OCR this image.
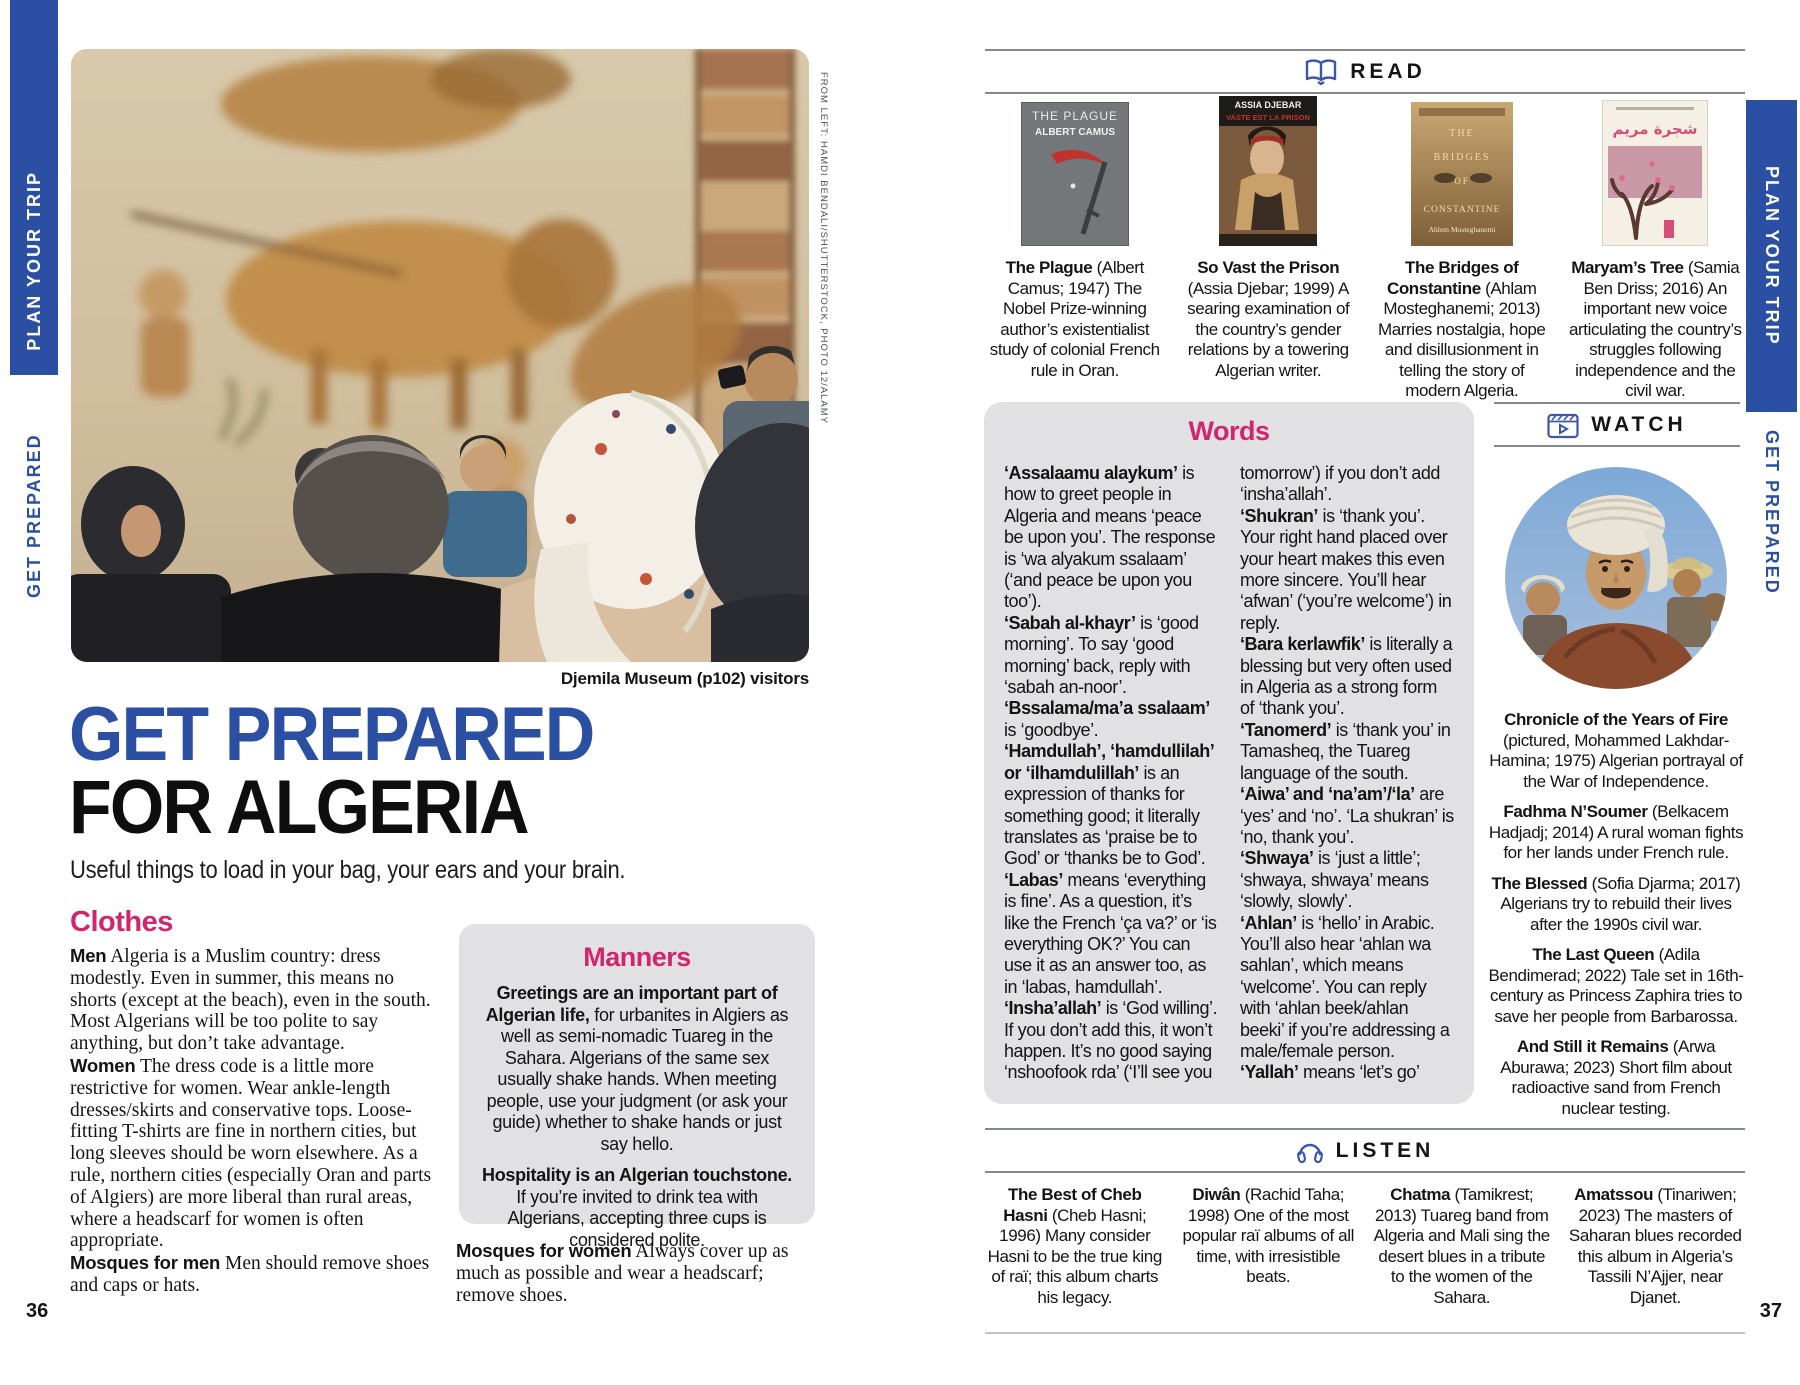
PLAN YOUR TRIP
GET PREPARED
PLAN YOUR TRIP
GET PREPARED
FROM LEFT: HAMDI BENDALI/SHUTTERSTOCK, PHOTO 12/ALAMY
Djemila Museum (p102) visitors
GET PREPARED
FOR ALGERIA
Useful things to load in your bag, your ears and your brain.
Clothes

Men Algeria is a Muslim country: dress modestly. Even in summer, this means no shorts (except at the beach), even in the south. Most Algerians will be too polite to say anything, but don’t take advantage.

Women The dress code is a little more restrictive for women. Wear ankle-length dresses/skirts and conservative tops. Loose-fitting T-shirts are fine in northern cities, but long sleeves should be worn elsewhere. As a rule, northern cities (especially Oran and parts of Algiers) are more liberal than rural areas, where a headscarf for women is often appropriate.

Mosques for men Men should remove shoes and caps or hats.

Manners

Greetings are an important part of Algerian life, for urbanites in Algiers as well as semi-nomadic Tuareg in the Sahara. Algerians of the same sex usually shake hands. When meeting people, use your judgment (or ask your guide) whether to shake hands or just say hello.

Hospitality is an Algerian touchstone. If you’re invited to drink tea with Algerians, accepting three cups is considered polite.

Mosques for women Always cover up as much as possible and wear a headscarf; remove shoes.

36
READ
THE PLAGUE
ALBERT CAMUS

The Plague (Albert Camus; 1947) The Nobel Prize-winning author’s existentialist study of colonial French rule in Oran.

ASSIA DJEBAR
VASTE EST LA PRISON

So Vast the Prison (Assia Djebar; 1999) A searing examination of the country’s gender relations by a towering Algerian writer.

THE
BRIDGES
OF
CONSTANTINE
Ahlem Mosteghanemi

The Bridges of Constantine (Ahlam Mosteghanemi; 2013) Marries nostalgia, hope and disillusionment in telling the story of modern Algeria.

شجرة مريم

Maryam’s Tree (Samia Ben Driss; 2016) An important new voice articulating the country’s struggles following independence and the civil war.

Words

‘Assalaamu alaykum’ is how to greet people in Algeria and means ‘peace be upon you’. The response is ‘wa alyakum ssalaam’ (‘and peace be upon you too’).

‘Sabah al-khayr’ is ‘good morning’. To say ‘good morning’ back, reply with ‘sabah an-noor’.

‘Bssalama/ma’a ssalaam’ is ‘goodbye’.

‘Hamdullah’, ‘hamdullilah’ or ‘ilhamdulillah’ is an expression of thanks for something good; it literally translates as ‘praise be to God’ or ‘thanks be to God’.

‘Labas’ means ‘everything is fine’. As a question, it’s like the French ‘ça va?’ or ‘is everything OK?’ You can use it as an answer too, as in ‘labas, hamdullah’.

‘Insha’allah’ is ‘God willing’. If you don’t add this, it won’t happen. It’s no good saying ‘nshoofook rda’ (‘I’ll see you

tomorrow’) if you don’t add ‘insha’allah’.

‘Shukran’ is ‘thank you’. Your right hand placed over your heart makes this even more sincere. You’ll hear ‘afwan’ (‘you’re welcome’) in reply.

‘Bara kerlawfik’ is literally a blessing but very often used in Algeria as a strong form of ‘thank you’.

‘Tanomerd’ is ‘thank you’ in Tamasheq, the Tuareg language of the south.

‘Aiwa’ and ‘na’am’/‘la’ are ‘yes’ and ‘no’. ‘La shukran’ is ‘no, thank you’.

‘Shwaya’ is ‘just a little’; ‘shwaya, shwaya’ means ‘slowly, slowly’.

‘Ahlan’ is ‘hello’ in Arabic. You’ll also hear ‘ahlan wa sahlan’, which means ‘welcome’. You can reply with ‘ahlan beek/ahlan beeki’ if you’re addressing a male/female person.

‘Yallah’ means ‘let’s go’

WATCH

Chronicle of the Years of Fire (pictured, Mohammed Lakhdar-Hamina; 1975) Algerian portrayal of the War of Independence.

Fadhma N’Soumer (Belkacem Hadjadj; 2014) A rural woman fights for her lands under French rule.

The Blessed (Sofia Djarma; 2017) Algerians try to rebuild their lives after the 1990s civil war.

The Last Queen (Adila Bendimerad; 2022) Tale set in 16th-century as Princess Zaphira tries to save her people from Barbarossa.

And Still it Remains (Arwa Aburawa; 2023) Short film about radioactive sand from French nuclear testing.

LISTEN

The Best of Cheb Hasni (Cheb Hasni; 1996) Many consider Hasni to be the true king of raï; this album charts his legacy.

Diwân (Rachid Taha; 1998) One of the most popular raï albums of all time, with irresistible beats.

Chatma (Tamikrest; 2013) Tuareg band from Algeria and Mali sing the desert blues in a tribute to the women of the Sahara.

Amatssou (Tinariwen; 2023) The masters of Saharan blues recorded this album in Algeria’s Tassili N’Ajjer, near Djanet.

37
